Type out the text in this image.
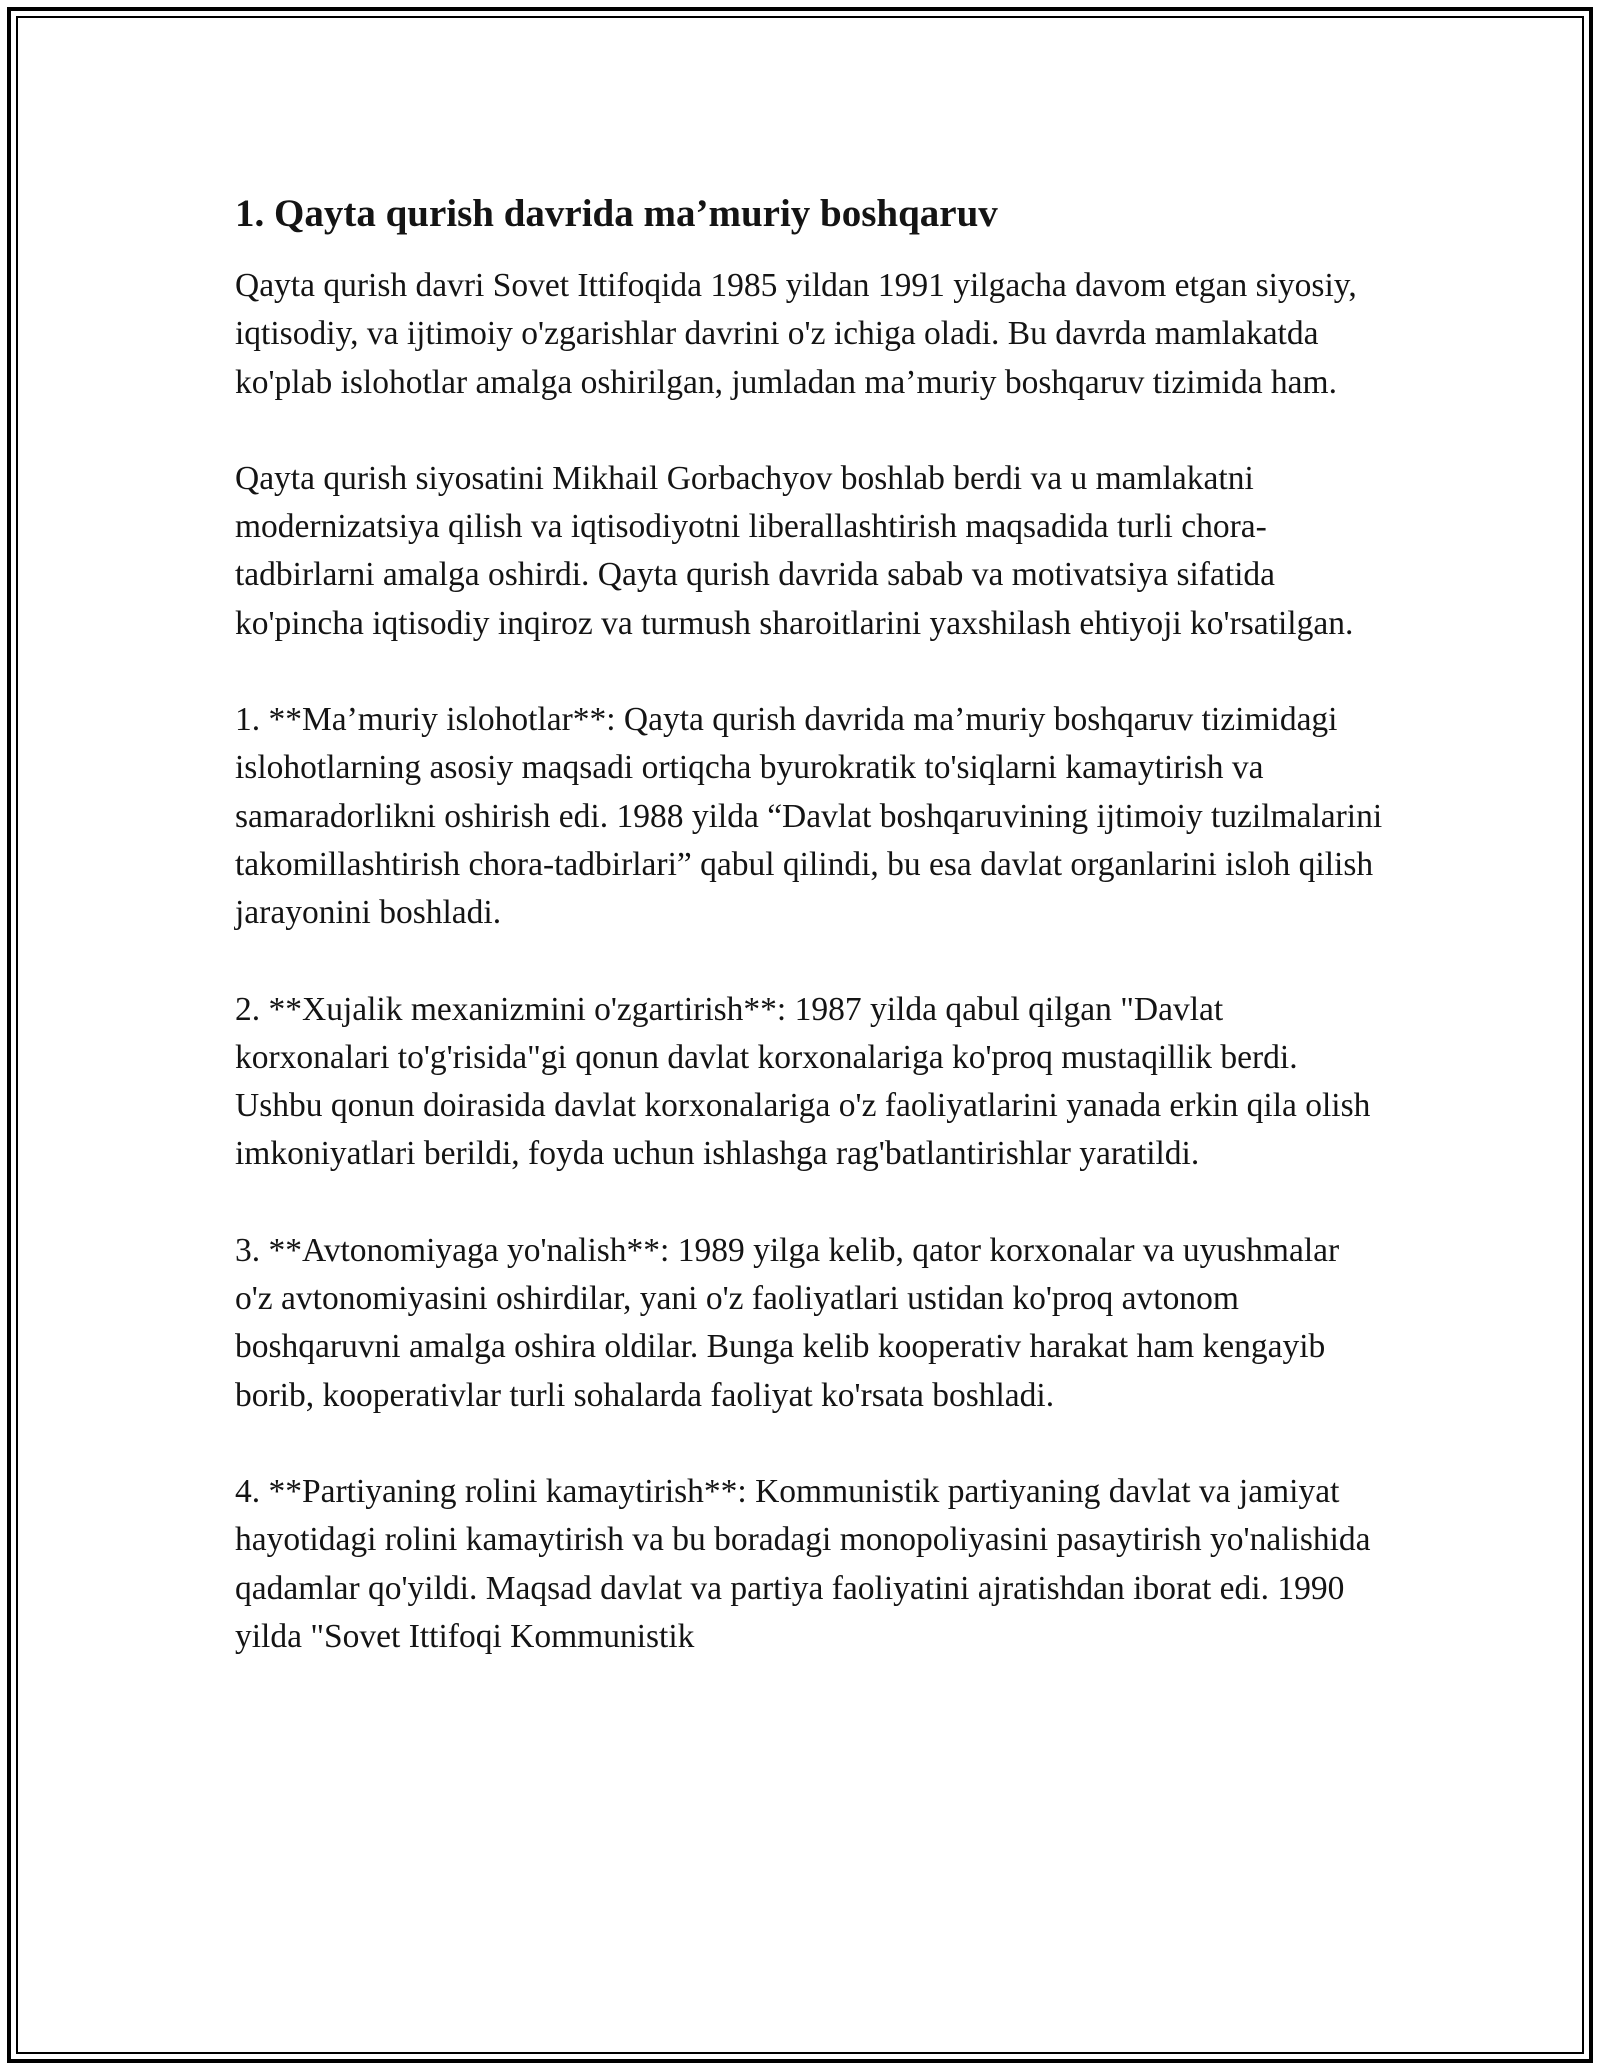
1. Qayta qurish davrida ma’muriy boshqaruv

Qayta qurish davri Sovet Ittifoqida 1985 yildan 1991 yilgacha davom etgan siyosiy, iqtisodiy, va ijtimoiy o'zgarishlar davrini o'z ichiga oladi. Bu davrda mamlakatda ko'plab islohotlar amalga oshirilgan, jumladan ma’muriy boshqaruv tizimida ham.

Qayta qurish siyosatini Mikhail Gorbachyov boshlab berdi va u mamlakatni modernizatsiya qilish va iqtisodiyotni liberallashtirish maqsadida turli chora-tadbirlarni amalga oshirdi. Qayta qurish davrida sabab va motivatsiya sifatida ko'pincha iqtisodiy inqiroz va turmush sharoitlarini yaxshilash ehtiyoji ko'rsatilgan.

1. **Ma’muriy islohotlar**: Qayta qurish davrida ma’muriy boshqaruv tizimidagi islohotlarning asosiy maqsadi ortiqcha byurokratik to'siqlarni kamaytirish va samaradorlikni oshirish edi. 1988 yilda “Davlat boshqaruvining ijtimoiy tuzilmalarini takomillashtirish chora-tadbirlari” qabul qilindi, bu esa davlat organlarini isloh qilish jarayonini boshladi.

2. **Xujalik mexanizmini o'zgartirish**: 1987 yilda qabul qilgan "Davlat korxonalari to'g'risida"gi qonun davlat korxonalariga ko'proq mustaqillik berdi. Ushbu qonun doirasida davlat korxonalariga o'z faoliyatlarini yanada erkin qila olish imkoniyatlari berildi, foyda uchun ishlashga rag'batlantirishlar yaratildi.

3. **Avtonomiyaga yo'nalish**: 1989 yilga kelib, qator korxonalar va uyushmalar o'z avtonomiyasini oshirdilar, yani o'z faoliyatlari ustidan ko'proq avtonom boshqaruvni amalga oshira oldilar. Bunga kelib kooperativ harakat ham kengayib borib, kooperativlar turli sohalarda faoliyat ko'rsata boshladi.

4. **Partiyaning rolini kamaytirish**: Kommunistik partiyaning davlat va jamiyat hayotidagi rolini kamaytirish va bu boradagi monopoliyasini pasaytirish yo'nalishida qadamlar qo'yildi. Maqsad davlat va partiya faoliyatini ajratishdan iborat edi. 1990 yilda "Sovet Ittifoqi Kommunistik
